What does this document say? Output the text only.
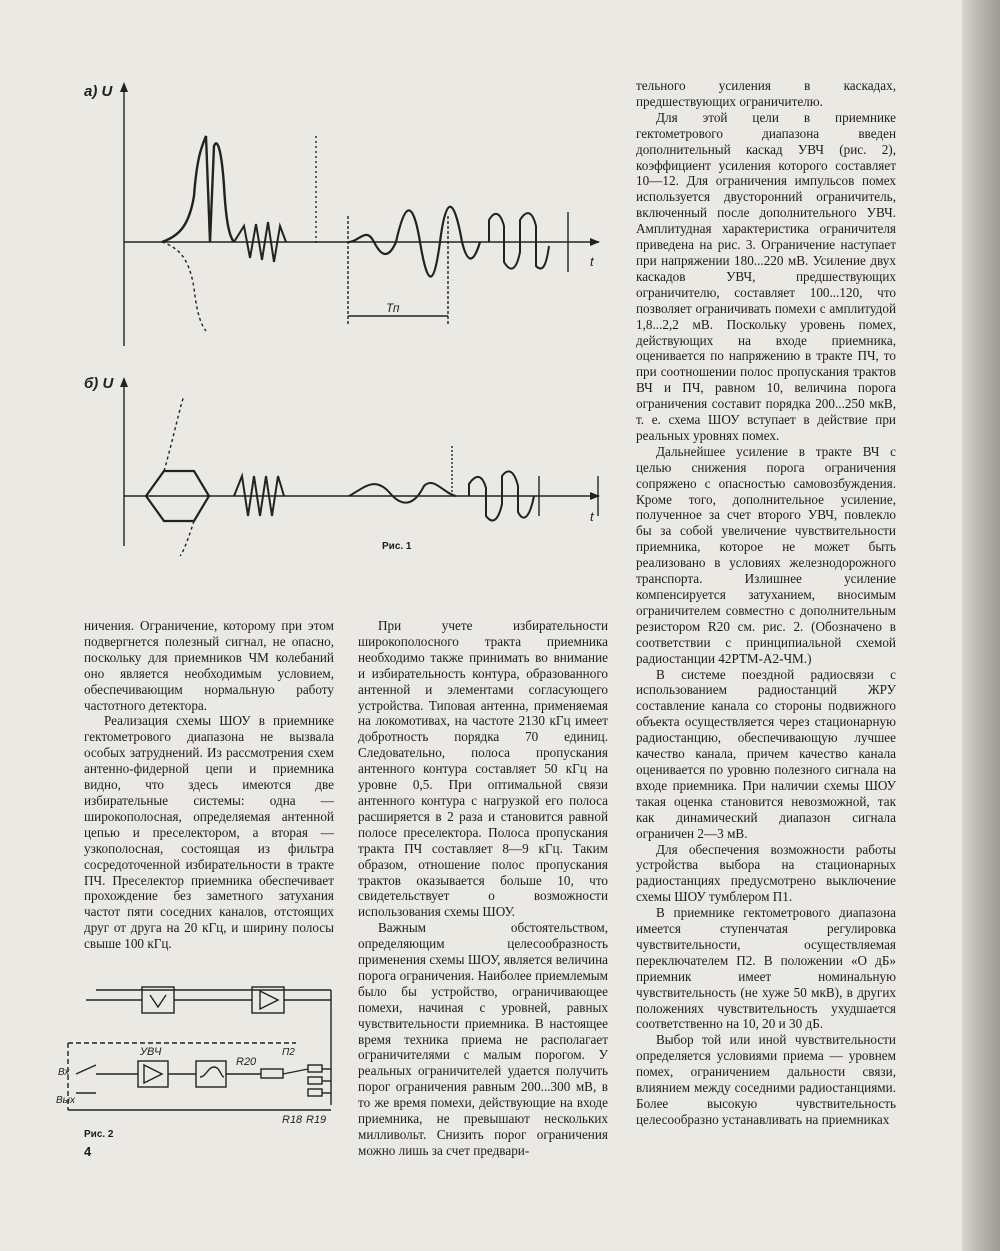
а) U
б) U
t
t
Тп
Рис. 1
УВЧ
R20
R18 R19
Вх
Вых
П2
Рис. 2

ничения. Ограничение, которому при этом подвергнется полезный сигнал, не опасно, поскольку для приемников ЧМ колебаний оно является необходимым условием, обеспечивающим нормальную работу частотного детектора.

Реализация схемы ШОУ в приемнике гектометрового диапазона не вызвала особых затруднений. Из рассмотрения схем антенно-фидерной цепи и приемника видно, что здесь имеются две избирательные системы: одна — широкополосная, определяемая антенной цепью и преселектором, а вторая — узкополосная, состоящая из фильтра сосредоточенной избирательности в тракте ПЧ. Преселектор приемника обеспечивает прохождение без заметного затухания частот пяти соседних каналов, отстоящих друг от друга на 20 кГц, и ширину полосы свыше 100 кГц.

При учете избирательности широкополосного тракта приемника необходимо также принимать во внимание и избирательность контура, образованного антенной и элементами согласующего устройства. Типовая антенна, применяемая на локомотивах, на частоте 2130 кГц имеет добротность порядка 70 единиц. Следовательно, полоса пропускания антенного контура составляет 50 кГц на уровне 0,5. При оптимальной связи антенного контура с нагрузкой его полоса расширяется в 2 раза и становится равной полосе преселектора. Полоса пропускания тракта ПЧ составляет 8—9 кГц. Таким образом, отношение полос пропускания трактов оказывается больше 10, что свидетельствует о возможности использования схемы ШОУ.

Важным обстоятельством, определяющим целесообразность применения схемы ШОУ, является величина порога ограничения. Наиболее приемлемым было бы устройство, ограничивающее помехи, начиная с уровней, равных чувствительности приемника. В настоящее время техника приема не располагает ограничителями с малым порогом. У реальных ограничителей удается получить порог ограничения равным 200...300 мВ, в то же время помехи, действующие на входе приемника, не превышают нескольких милливольт. Снизить порог ограничения можно лишь за счет предвари-

тельного усиления в каскадах, предшествующих ограничителю.

Для этой цели в приемнике гектометрового диапазона введен дополнительный каскад УВЧ (рис. 2), коэффициент усиления которого составляет 10—12. Для ограничения импульсов помех используется двусторонний ограничитель, включенный после дополнительного УВЧ. Амплитудная характеристика ограничителя приведена на рис. 3. Ограничение наступает при напряжении 180...220 мВ. Усиление двух каскадов УВЧ, предшествующих ограничителю, составляет 100...120, что позволяет ограничивать помехи с амплитудой 1,8...2,2 мВ. Поскольку уровень помех, действующих на входе приемника, оценивается по напряжению в тракте ПЧ, то при соотношении полос пропускания трактов ВЧ и ПЧ, равном 10, величина порога ограничения составит порядка 200...250 мкВ, т. е. схема ШОУ вступает в действие при реальных уровнях помех.

Дальнейшее усиление в тракте ВЧ с целью снижения порога ограничения сопряжено с опасностью самовозбуждения. Кроме того, дополнительное усиление, полученное за счет второго УВЧ, повлекло бы за собой увеличение чувствительности приемника, которое не может быть реализовано в условиях железнодорожного транспорта. Излишнее усиление компенсируется затуханием, вносимым ограничителем совместно с дополнительным резистором R20 см. рис. 2. (Обозначено в соответствии с принципиальной схемой радиостанции 42РТМ-А2-ЧМ.)

В системе поездной радиосвязи с использованием радиостанций ЖРУ составление канала со стороны подвижного объекта осуществляется через стационарную радиостанцию, обеспечивающую лучшее качество канала, причем качество канала оценивается по уровню полезного сигнала на входе приемника. При наличии схемы ШОУ такая оценка становится невозможной, так как динамический диапазон сигнала ограничен 2—3 мВ.

Для обеспечения возможности работы устройства выбора на стационарных радиостанциях предусмотрено выключение схемы ШОУ тумблером П1.

В приемнике гектометрового диапазона имеется ступенчатая регулировка чувствительности, осуществляемая переключателем П2. В положении «О дБ» приемник имеет номинальную чувствительность (не хуже 50 мкВ), в других положениях чувствительность ухудшается соответственно на 10, 20 и 30 дБ.

Выбор той или иной чувствительности определяется условиями приема — уровнем помех, ограничением дальности связи, влиянием между соседними радиостанциями. Более высокую чувствительность целесообразно устанавливать на приемниках

4
